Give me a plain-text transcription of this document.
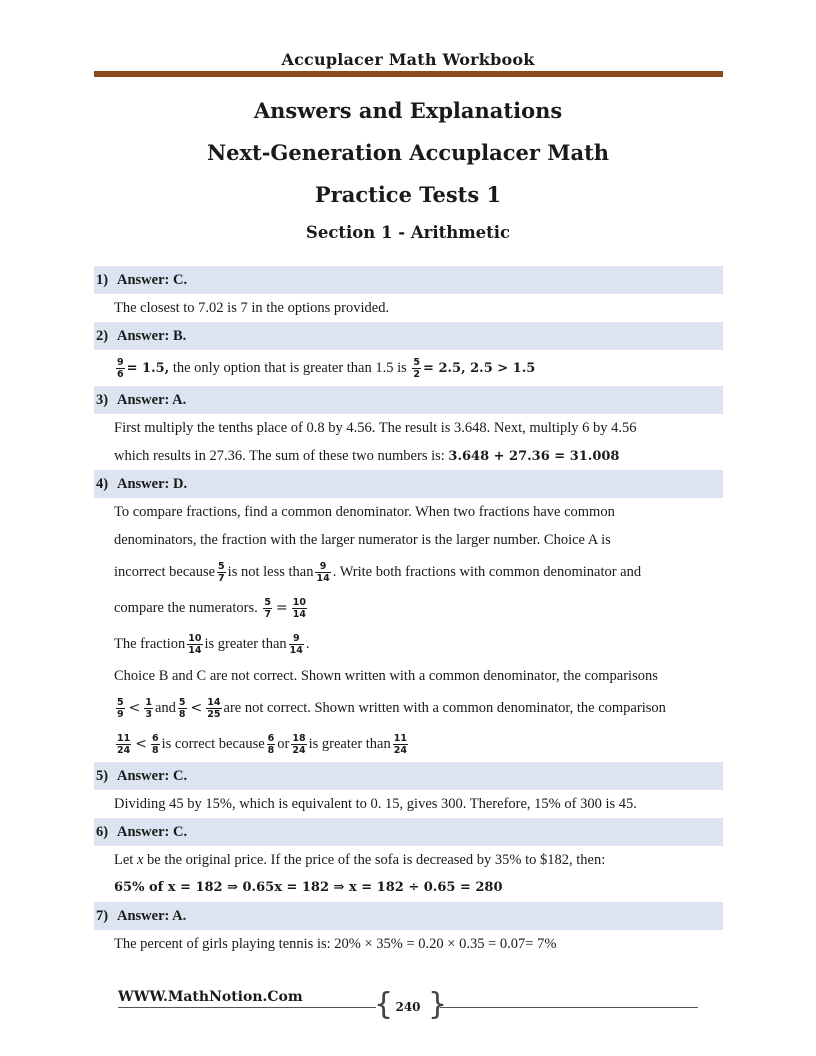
Accuplacer Math Workbook
Answers and Explanations
Next-Generation Accuplacer Math
Practice Tests 1
Section 1 - Arithmetic
1) Answer: C.
The closest to 7.02 is 7 in the options provided.
2) Answer: B.
$\frac{9}{6} = 1.5$, the only option that is greater than 1.5 is $\frac{5}{2} = 2.5$, 2.5 > 1.5
3) Answer: A.
First multiply the tenths place of 0.8 by 4.56. The result is 3.648. Next, multiply 6 by 4.56
which results in 27.36. The sum of these two numbers is: 3.648 + 27.36 = 31.008
4) Answer: D.
To compare fractions, find a common denominator. When two fractions have common
denominators, the fraction with the larger numerator is the larger number. Choice A is
incorrect because $\frac{5}{7}$ is not less than $\frac{9}{14}$ . Write both fractions with common denominator and
compare the numerators. $\frac{5}{7} = \frac{10}{14}$
The fraction $\frac{10}{14}$ is greater than $\frac{9}{14}$ .
Choice B and C are not correct. Shown written with a common denominator, the comparisons
$\frac{5}{9} < \frac{1}{3}$ and $\frac{5}{8} < \frac{14}{25}$ are not correct. Shown written with a common denominator, the comparison
$\frac{11}{24} < \frac{6}{8}$ is correct because $\frac{6}{8}$ or $\frac{18}{24}$ is greater than $\frac{11}{24}$
5) Answer: C.
Dividing 45 by 15%, which is equivalent to 0. 15, gives 300. Therefore, 15% of 300 is 45.
6) Answer: C.
Let x be the original price. If the price of the sofa is decreased by 35% to $182, then:
65% of x = 182 ⇒ 0.65x = 182 ⇒ x = 182 ÷ 0.65 = 280
7) Answer: A.
The percent of girls playing tennis is: 20% × 35% = 0.20 × 0.35 = 0.07= 7%
WWW.MathNotion.Com { }
240
